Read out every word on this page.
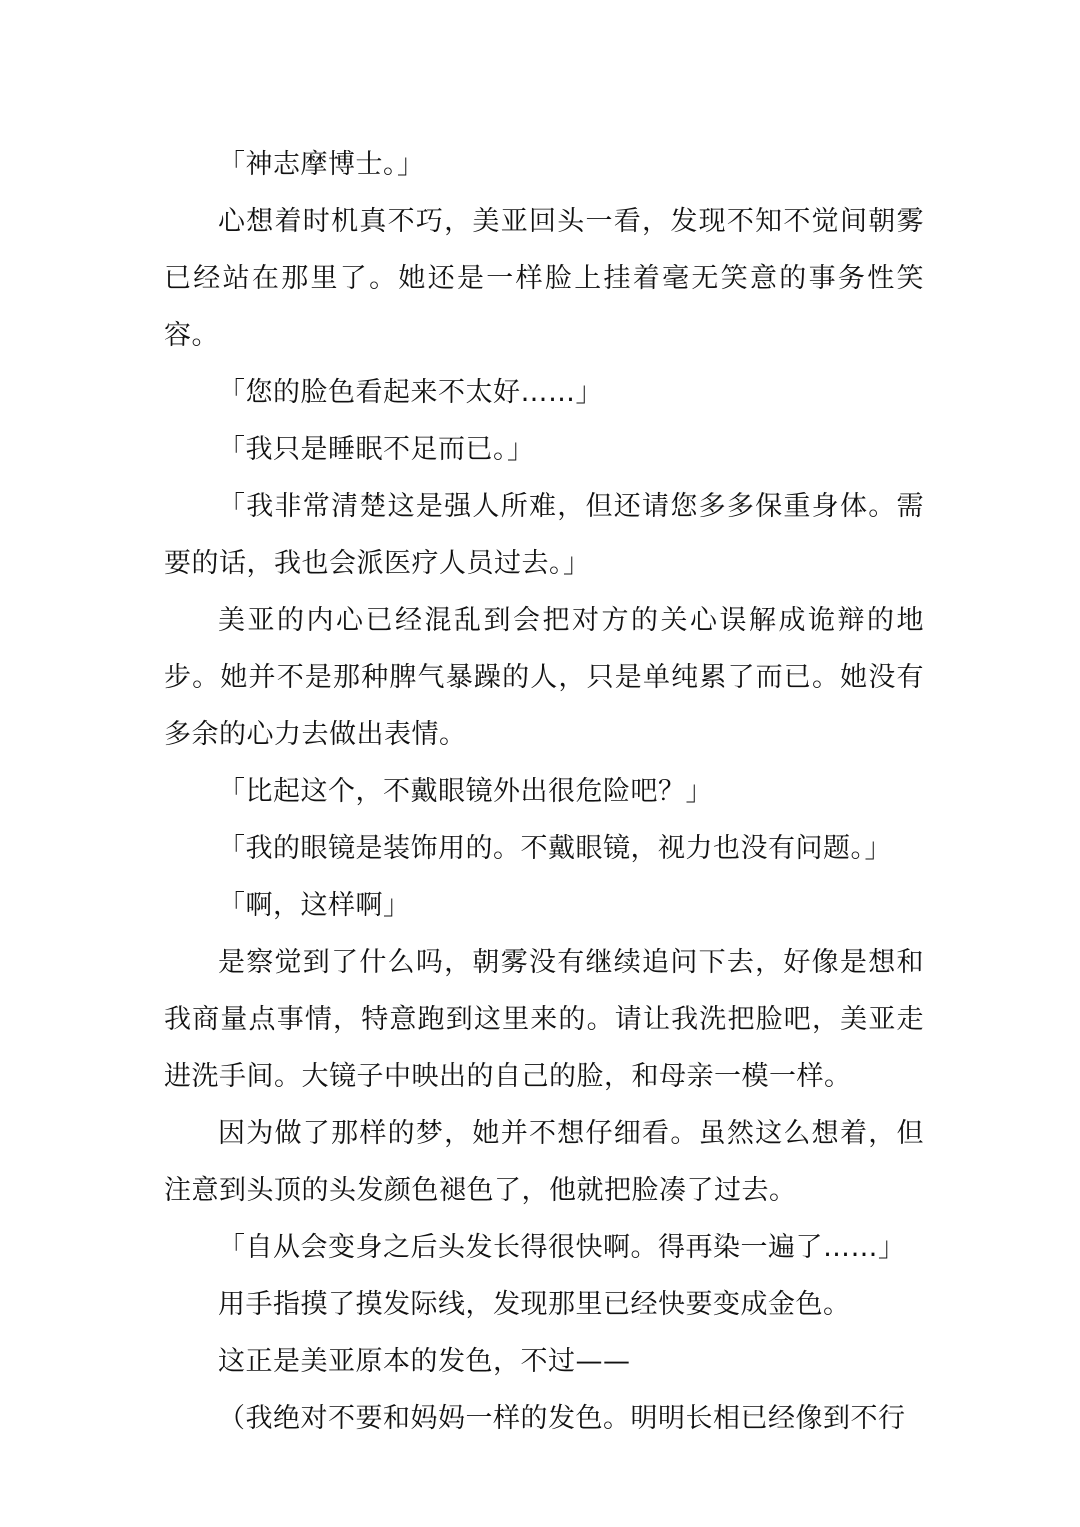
「神志摩博士。」

心想着时机真不巧，美亚回头一看，发现不知不觉间朝雾已经站在那里了。她还是一样脸上挂着毫无笑意的事务性笑容。

「您的脸色看起来不太好……」

「我只是睡眠不足而已。」

「我非常清楚这是强人所难，但还请您多多保重身体。需要的话，我也会派医疗人员过去。」

美亚的内心已经混乱到会把对方的关心误解成诡辩的地步。她并不是那种脾气暴躁的人，只是单纯累了而已。她没有多余的心力去做出表情。

「比起这个，不戴眼镜外出很危险吧？」

「我的眼镜是装饰用的。不戴眼镜，视力也没有问题。」

「啊，这样啊」

是察觉到了什么吗，朝雾没有继续追问下去，好像是想和我商量点事情，特意跑到这里来的。请让我洗把脸吧，美亚走进洗手间。大镜子中映出的自己的脸，和母亲一模一样。

因为做了那样的梦，她并不想仔细看。虽然这么想着，但注意到头顶的头发颜色褪色了，他就把脸凑了过去。

「自从会变身之后头发长得很快啊。得再染一遍了……」

用手指摸了摸发际线，发现那里已经快要变成金色。

这正是美亚原本的发色，不过——

（我绝对不要和妈妈一样的发色。明明长相已经像到不行
